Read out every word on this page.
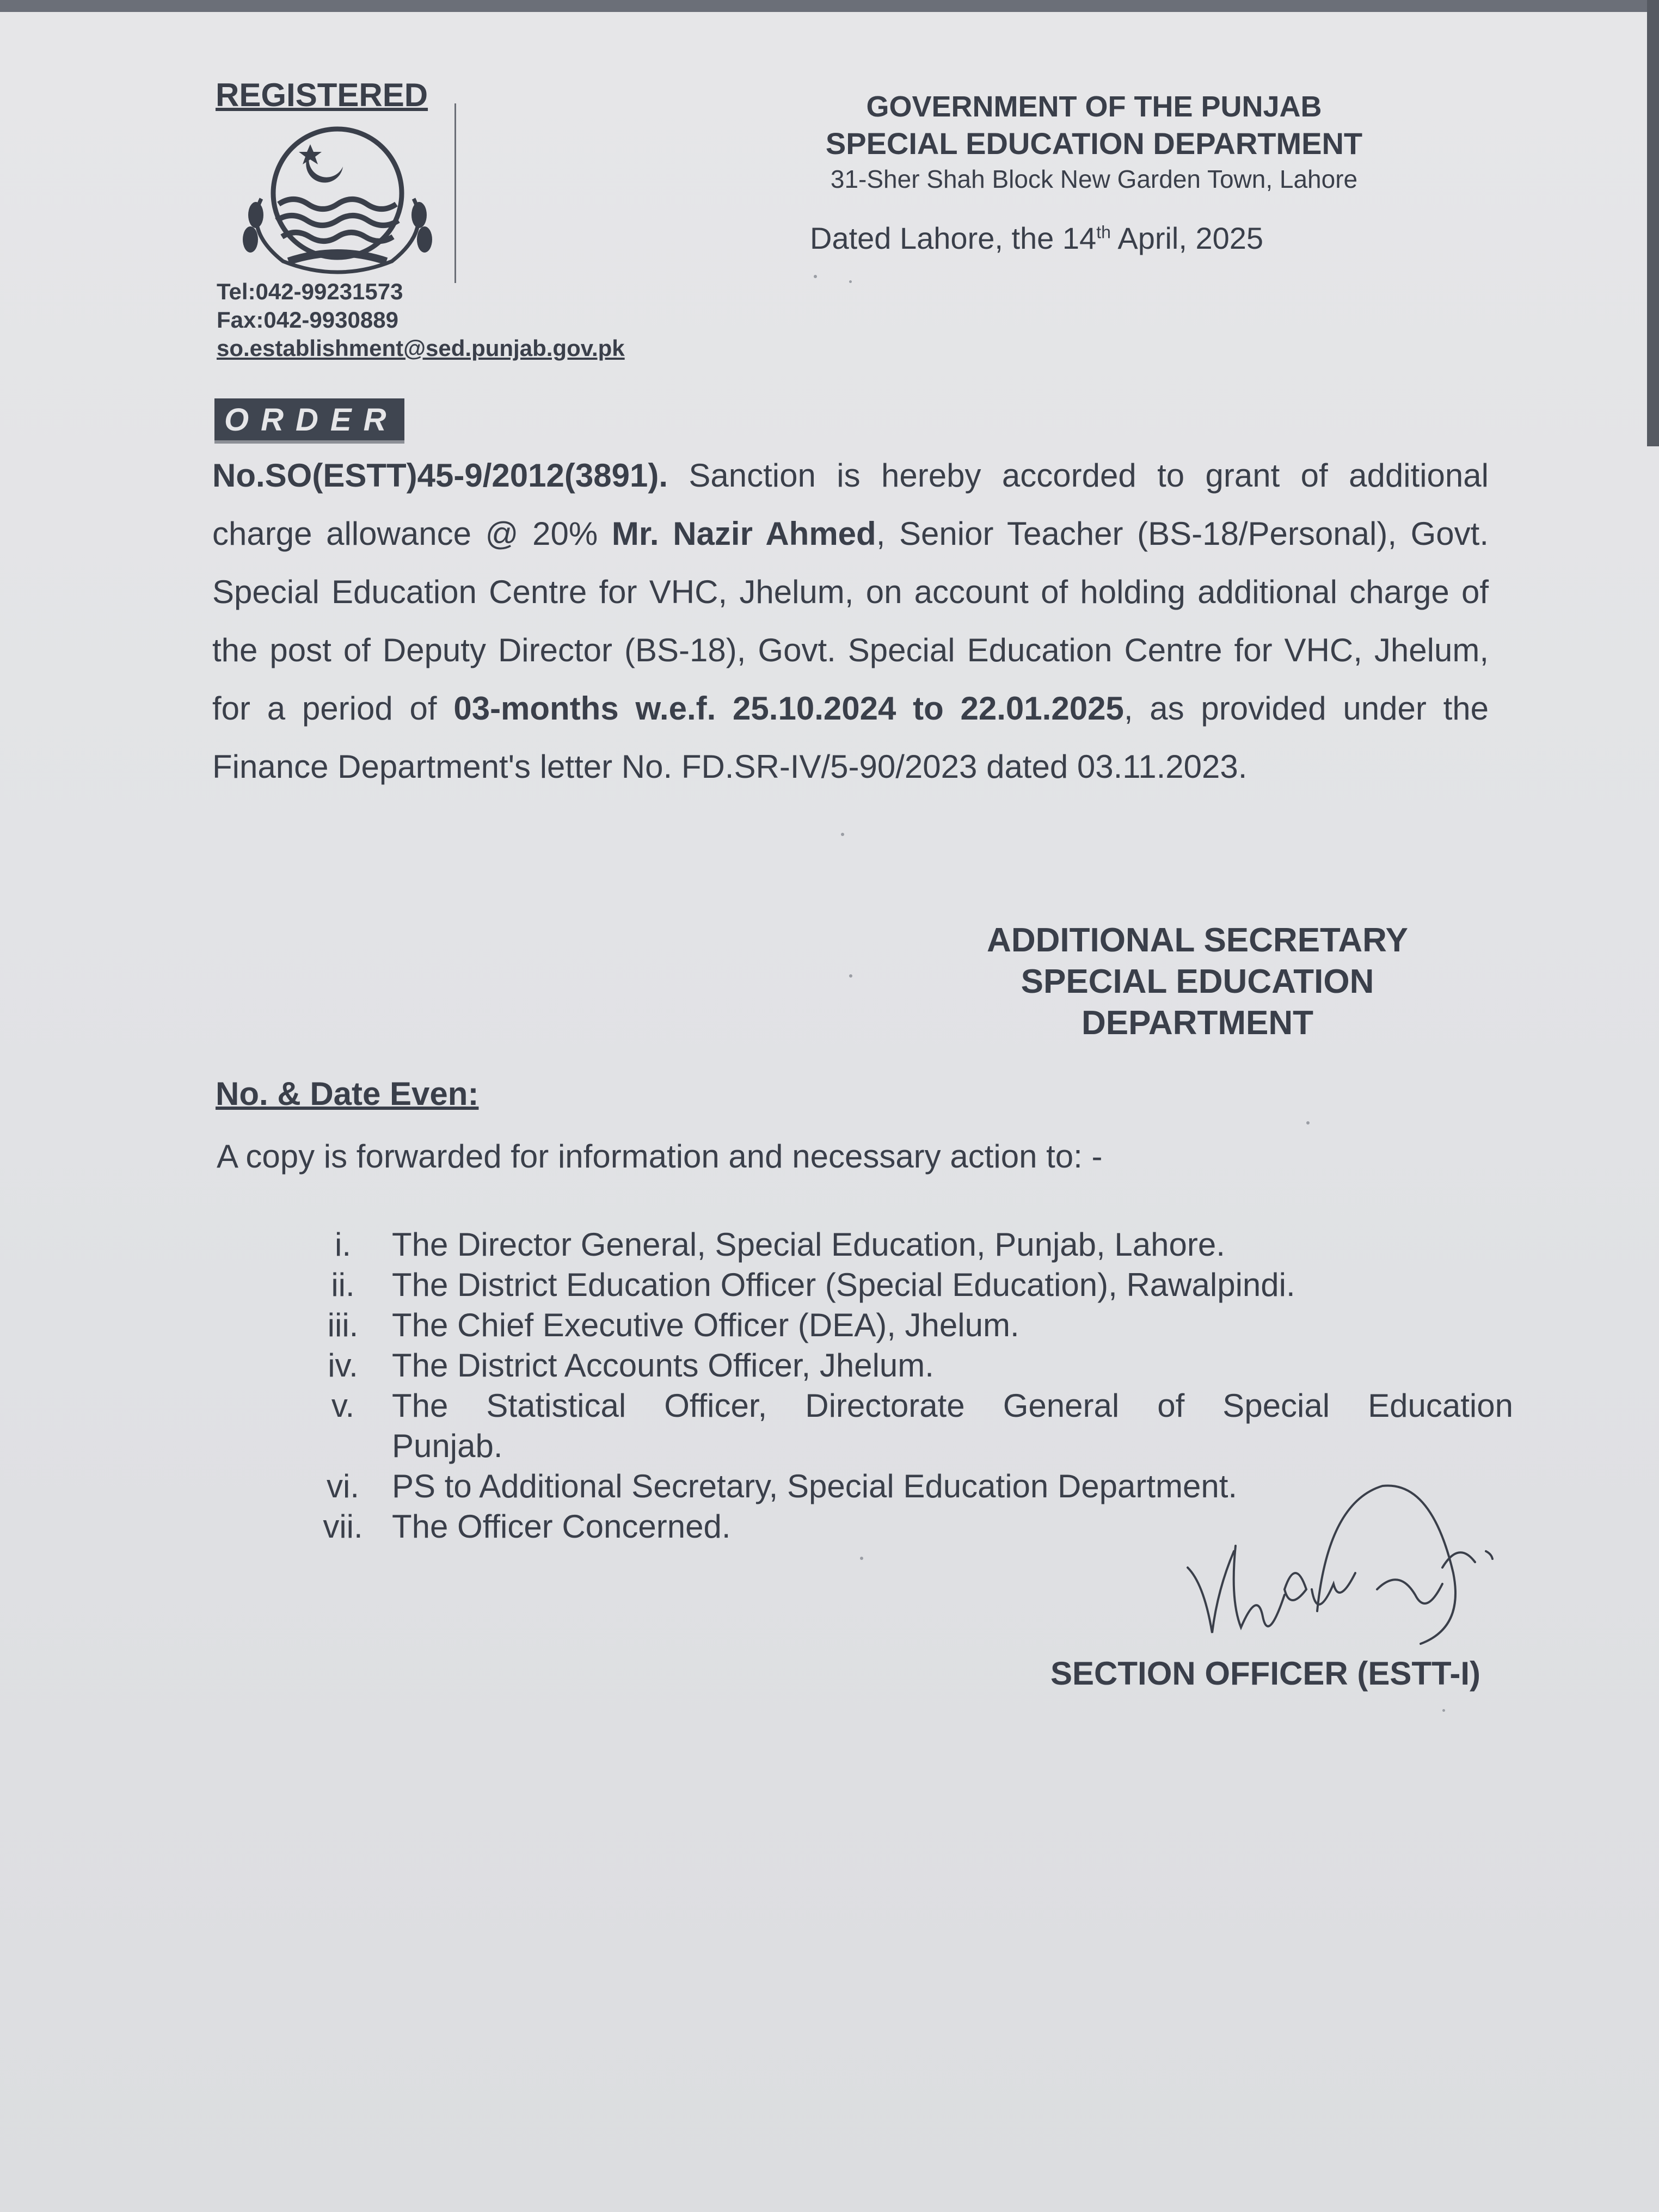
REGISTERED
Tel:042-99231573
Fax:042-9930889
so.establishment@sed.punjab.gov.pk
GOVERNMENT OF THE PUNJAB
SPECIAL EDUCATION DEPARTMENT
31-Sher Shah Block New Garden Town, Lahore
Dated Lahore, the 14th April, 2025
ORDER
No.SO(ESTT)45-9/2012(3891). Sanction is hereby accorded to grant of additional charge allowance @ 20% Mr. Nazir Ahmed, Senior Teacher (BS-18/Personal), Govt. Special Education Centre for VHC, Jhelum, on account of holding additional charge of the post of Deputy Director (BS-18), Govt. Special Education Centre for VHC, Jhelum, for a period of 03-months w.e.f. 25.10.2024 to 22.01.2025, as provided under the Finance Department's letter No. FD.SR-IV/5-90/2023 dated 03.11.2023.
ADDITIONAL SECRETARY
SPECIAL EDUCATION
DEPARTMENT
No. & Date Even:
A copy is forwarded for information and necessary action to: -
i.	The Director General, Special Education, Punjab, Lahore.
ii.	The District Education Officer (Special Education), Rawalpindi.
iii.	The Chief Executive Officer (DEA), Jhelum.
iv.	The District Accounts Officer, Jhelum.
v.	The Statistical Officer, Directorate General of Special Education
Punjab.
vi.	PS to Additional Secretary, Special Education Department.
vii. The Officer Concerned.
SECTION OFFICER (ESTT-I)
